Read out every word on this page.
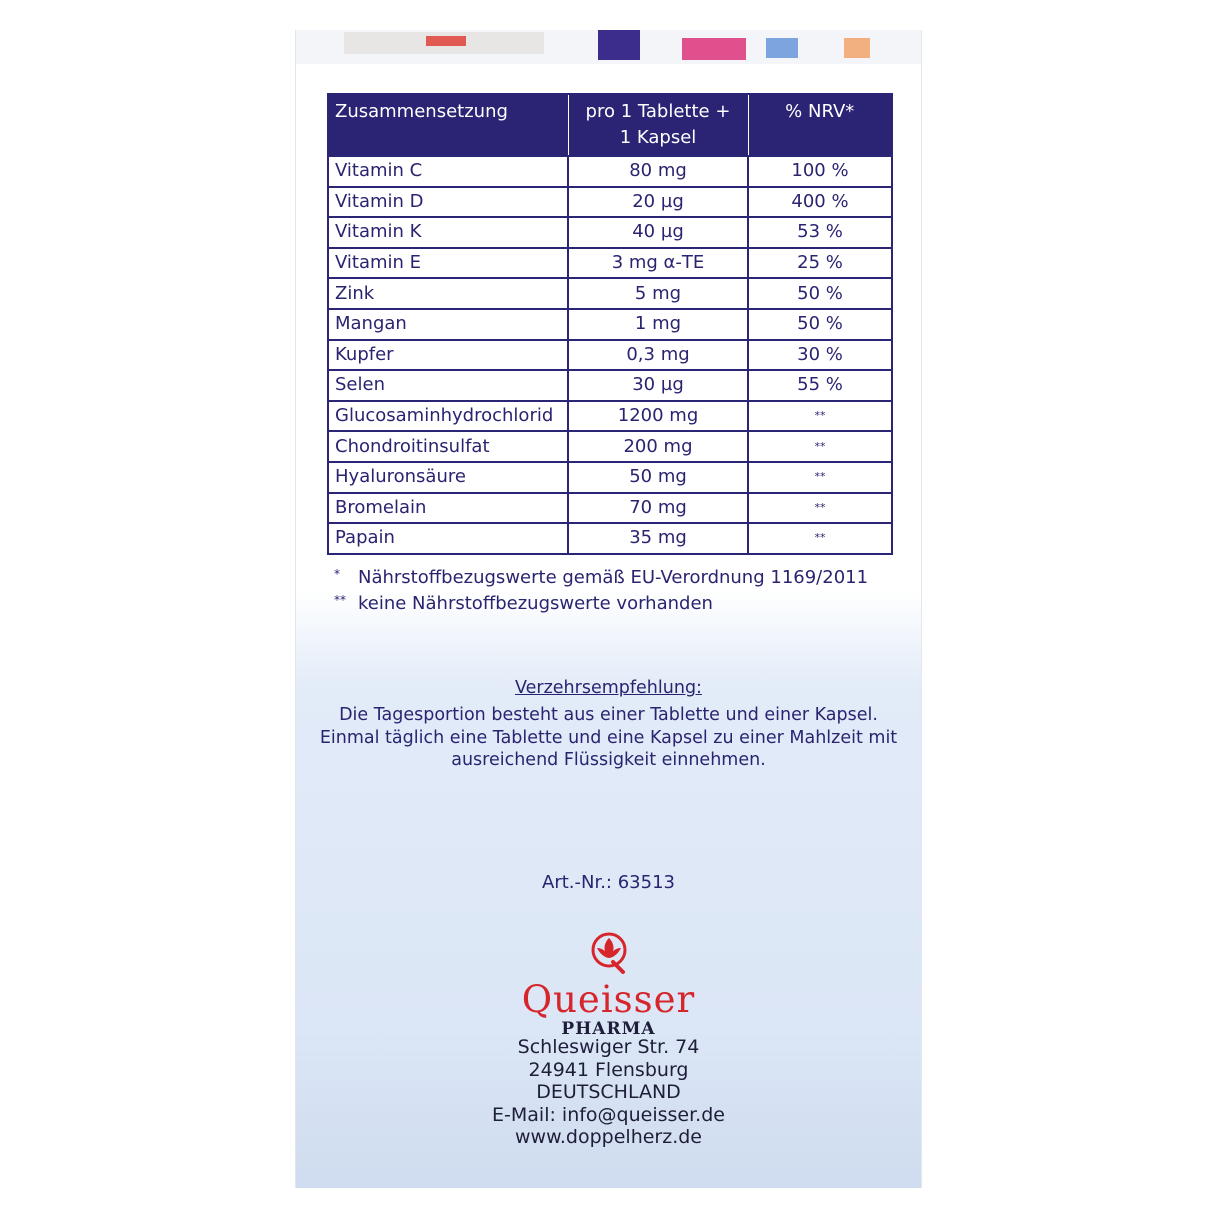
Zusammensetzung	pro 1 Tablette + 1 Kapsel	% NRV*
Vitamin C	80 mg	100 %
Vitamin D	20 µg	400 %
Vitamin K	40 µg	53 %
Vitamin E	3 mg α-TE	25 %
Zink	5 mg	50 %
Mangan	1 mg	50 %
Kupfer	0,3 mg	30 %
Selen	30 µg	55 %
Glucosaminhydrochlorid	1200 mg	**
Chondroitinsulfat	200 mg	**
Hyaluronsäure	50 mg	**
Bromelain	70 mg	**
Papain	35 mg	**
* Nährstoffbezugswerte gemäß EU-Verordnung 1169/2011
** keine Nährstoffbezugswerte vorhanden
Verzehrsempfehlung:
Die Tagesportion besteht aus einer Tablette und einer Kapsel.
Einmal täglich eine Tablette und eine Kapsel zu einer Mahlzeit mit
ausreichend Flüssigkeit einnehmen.
Art.-Nr.: 63513
Queisser
PHARMA
Schleswiger Str. 74
24941 Flensburg
DEUTSCHLAND
E-Mail: info@queisser.de
www.doppelherz.de
